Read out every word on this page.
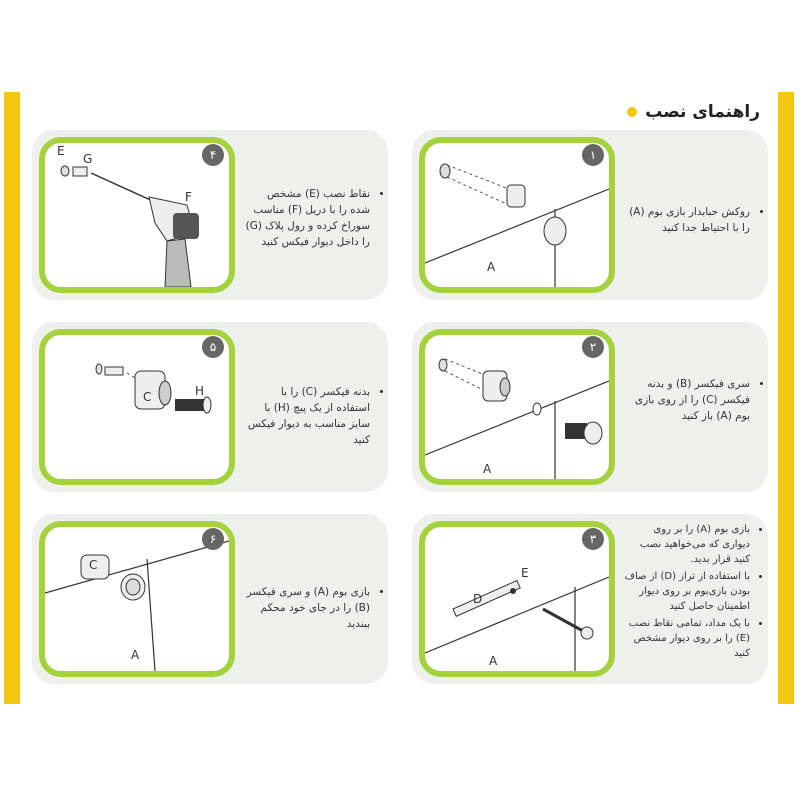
راهنمای نصب
A
۱
• روکش حبابدار بازی بوم (A) را با احتیاط جدا کنید
E
G
F
۴
• نقاط نصب (E) مشخص شده را با دریل (F) مناسب سوراخ کرده و رول پلاک (G) را داخل دیوار فیکس کنید
A
۲
• سری فیکسر (B) و بدنه فیکسر (C) را از روی بازی بوم (A) باز کنید
C	H
۵
• بدنه فیکسر (C) را با استفاده از یک پیچ (H) با سایز مناسب به دیوار فیکس کنید
E
D
A
۳
• بازی بوم (A) را بر روی دیواری که می‌خواهید نصب کنید قرار بدید.
• با استفاده از تراز (D) از صاف بودن بازی‌بوم بر روی دیوار اطمینان حاصل کنید
• با یک مداد، تمامی نقاط نصب (E) را بر روی دیوار مشخص کنید
C
A
۶
• بازی بوم (A) و سری فیکسر (B) را در جای خود محکم ببندید
